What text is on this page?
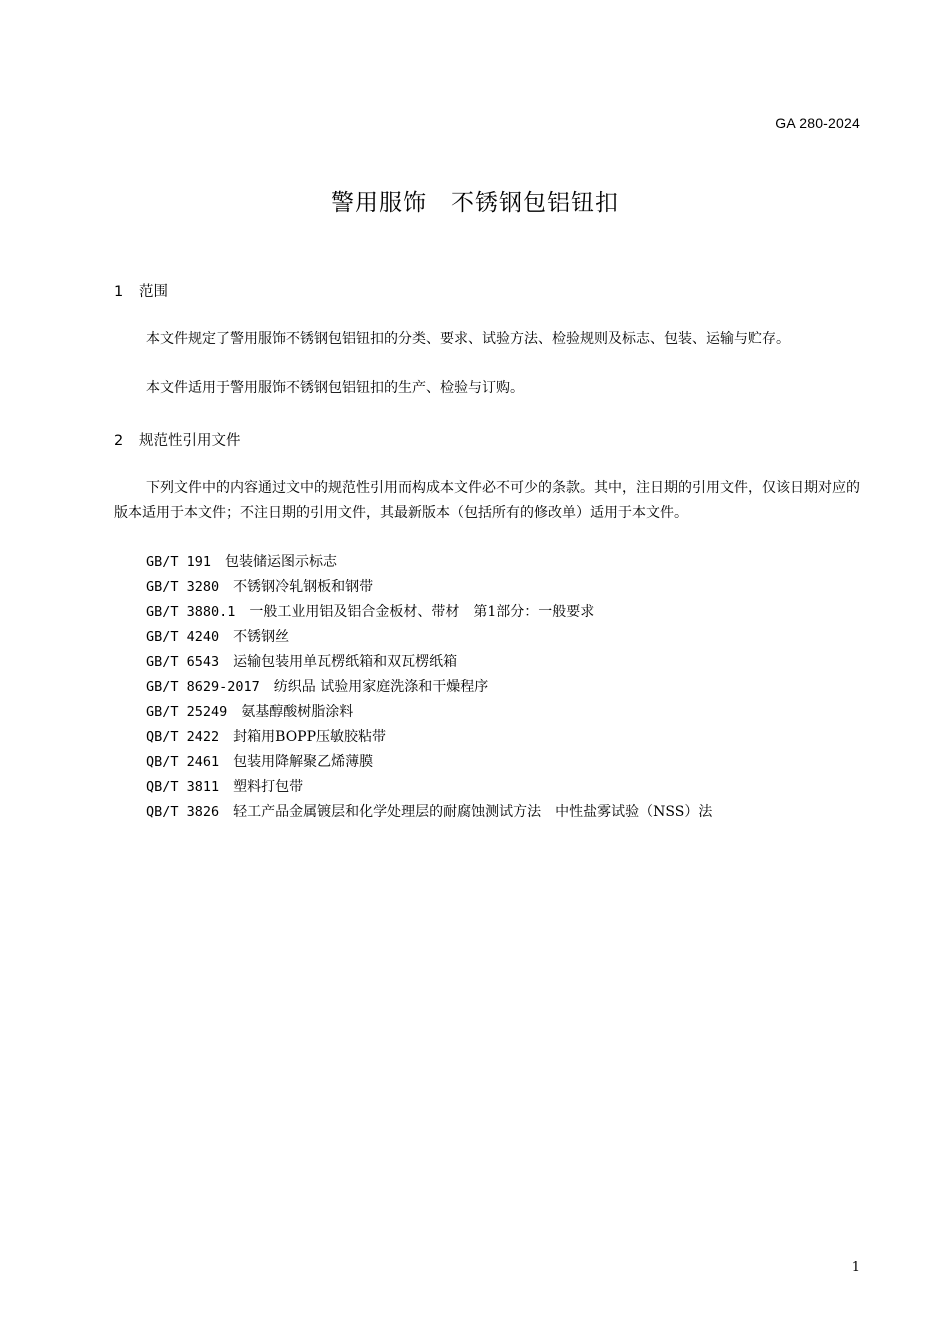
GA 280-2024
警用服饰　不锈钢包铝钮扣
1 范围

本文件规定了警用服饰不锈钢包铝钮扣的分类、要求、试验方法、检验规则及标志、包装、运输与贮存。

本文件适用于警用服饰不锈钢包铝钮扣的生产、检验与订购。

2 规范性引用文件

下列文件中的内容通过文中的规范性引用而构成本文件必不可少的条款。其中，注日期的引用文件，仅该日期对应的版本适用于本文件；不注日期的引用文件，其最新版本（包括所有的修改单）适用于本文件。

GB/T 191 包装储运图示标志
GB/T 3280 不锈钢冷轧钢板和钢带
GB/T 3880.1 一般工业用铝及铝合金板材、带材　第1部分：一般要求
GB/T 4240 不锈钢丝
GB/T 6543 运输包装用单瓦楞纸箱和双瓦楞纸箱
GB/T 8629-2017 纺织品 试验用家庭洗涤和干燥程序
GB/T 25249 氨基醇酸树脂涂料
QB/T 2422 封箱用BOPP压敏胶粘带
QB/T 2461 包装用降解聚乙烯薄膜
QB/T 3811 塑料打包带
QB/T 3826 轻工产品金属镀层和化学处理层的耐腐蚀测试方法　中性盐雾试验（NSS）法
1
